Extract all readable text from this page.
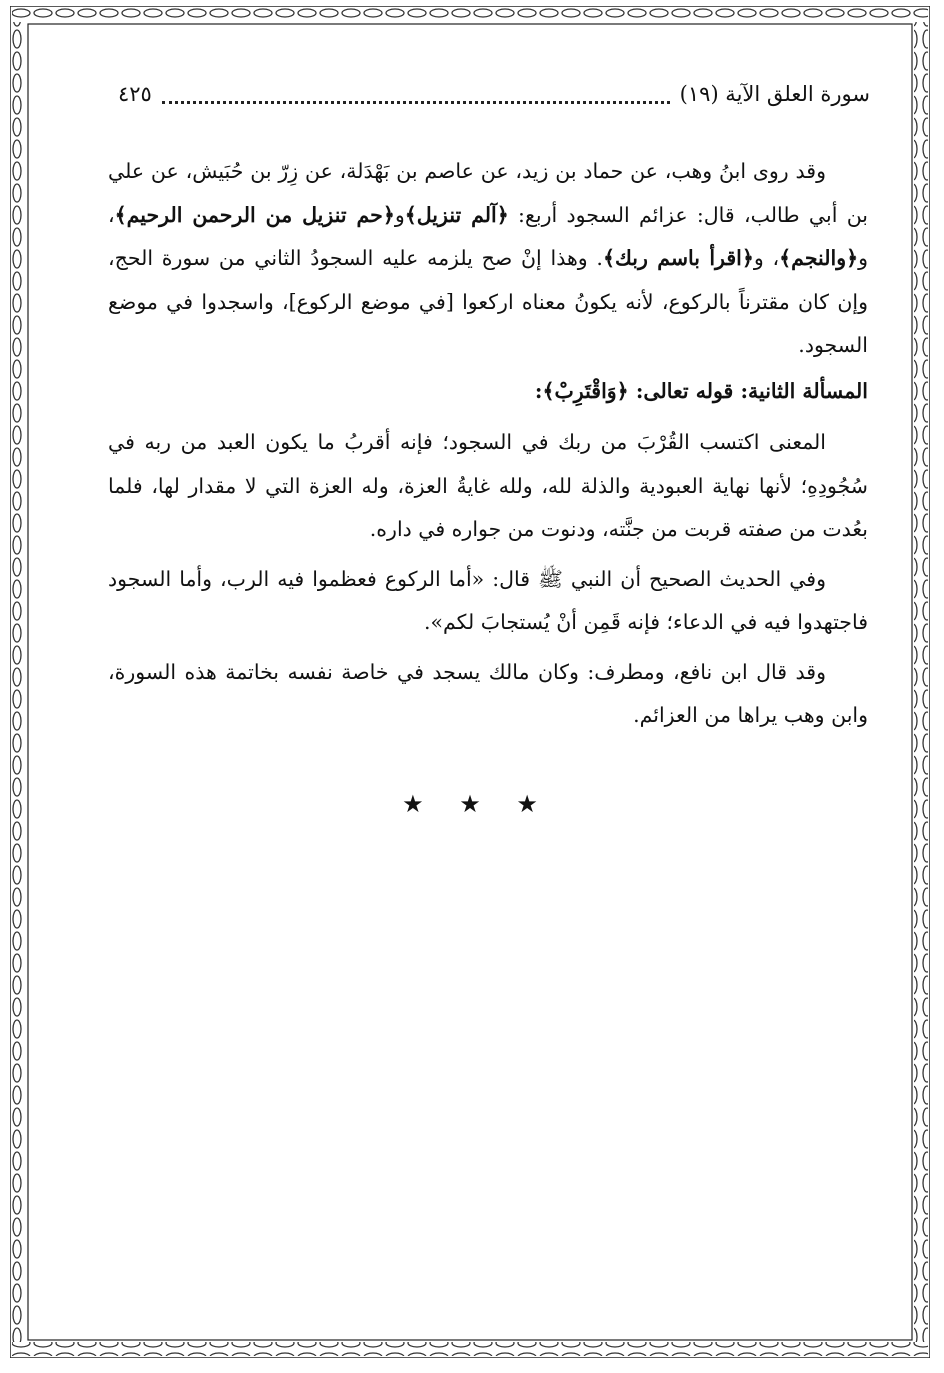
سورة العلق الآية (١٩)
٤٢٥

وقد روى ابنُ وهب، عن حماد بن زيد، عن عاصم بن بَهْدَلة، عن زِرّ بن حُبَيش، عن علي بن أبي طالب، قال: عزائم السجود أربع: ﴿آلم تنزيل﴾و﴿حم تنزيل من الرحمن الرحيم﴾، و﴿والنجم﴾، و﴿اقرأ باسم ربك﴾. وهذا إنْ صح يلزمه عليه السجودُ الثاني من سورة الحج، وإن كان مقترناً بالركوع، لأنه يكونُ معناه اركعوا [في موضع الركوع]، واسجدوا في موضع السجود.

المسألة الثانية: قوله تعالى: ﴿وَاقْتَرِبْ﴾:

المعنى اكتسب القُرْبَ من ربك في السجود؛ فإنه أقربُ ما يكون العبد من ربه في سُجُودِهِ؛ لأنها نهاية العبودية والذلة لله، ولله غايةُ العزة، وله العزة التي لا مقدار لها، فلما بعُدت من صفته قربت من جنَّته، ودنوت من جواره في داره.

وفي الحديث الصحيح أن النبي ﷺ قال: «أما الركوع فعظموا فيه الرب، وأما السجود فاجتهدوا فيه في الدعاء؛ فإنه قَمِن أنْ يُستجابَ لكم».

وقد قال ابن نافع، ومطرف: وكان مالك يسجد في خاصة نفسه بخاتمة هذه السورة، وابن وهب يراها من العزائم.

★ ★ ★
